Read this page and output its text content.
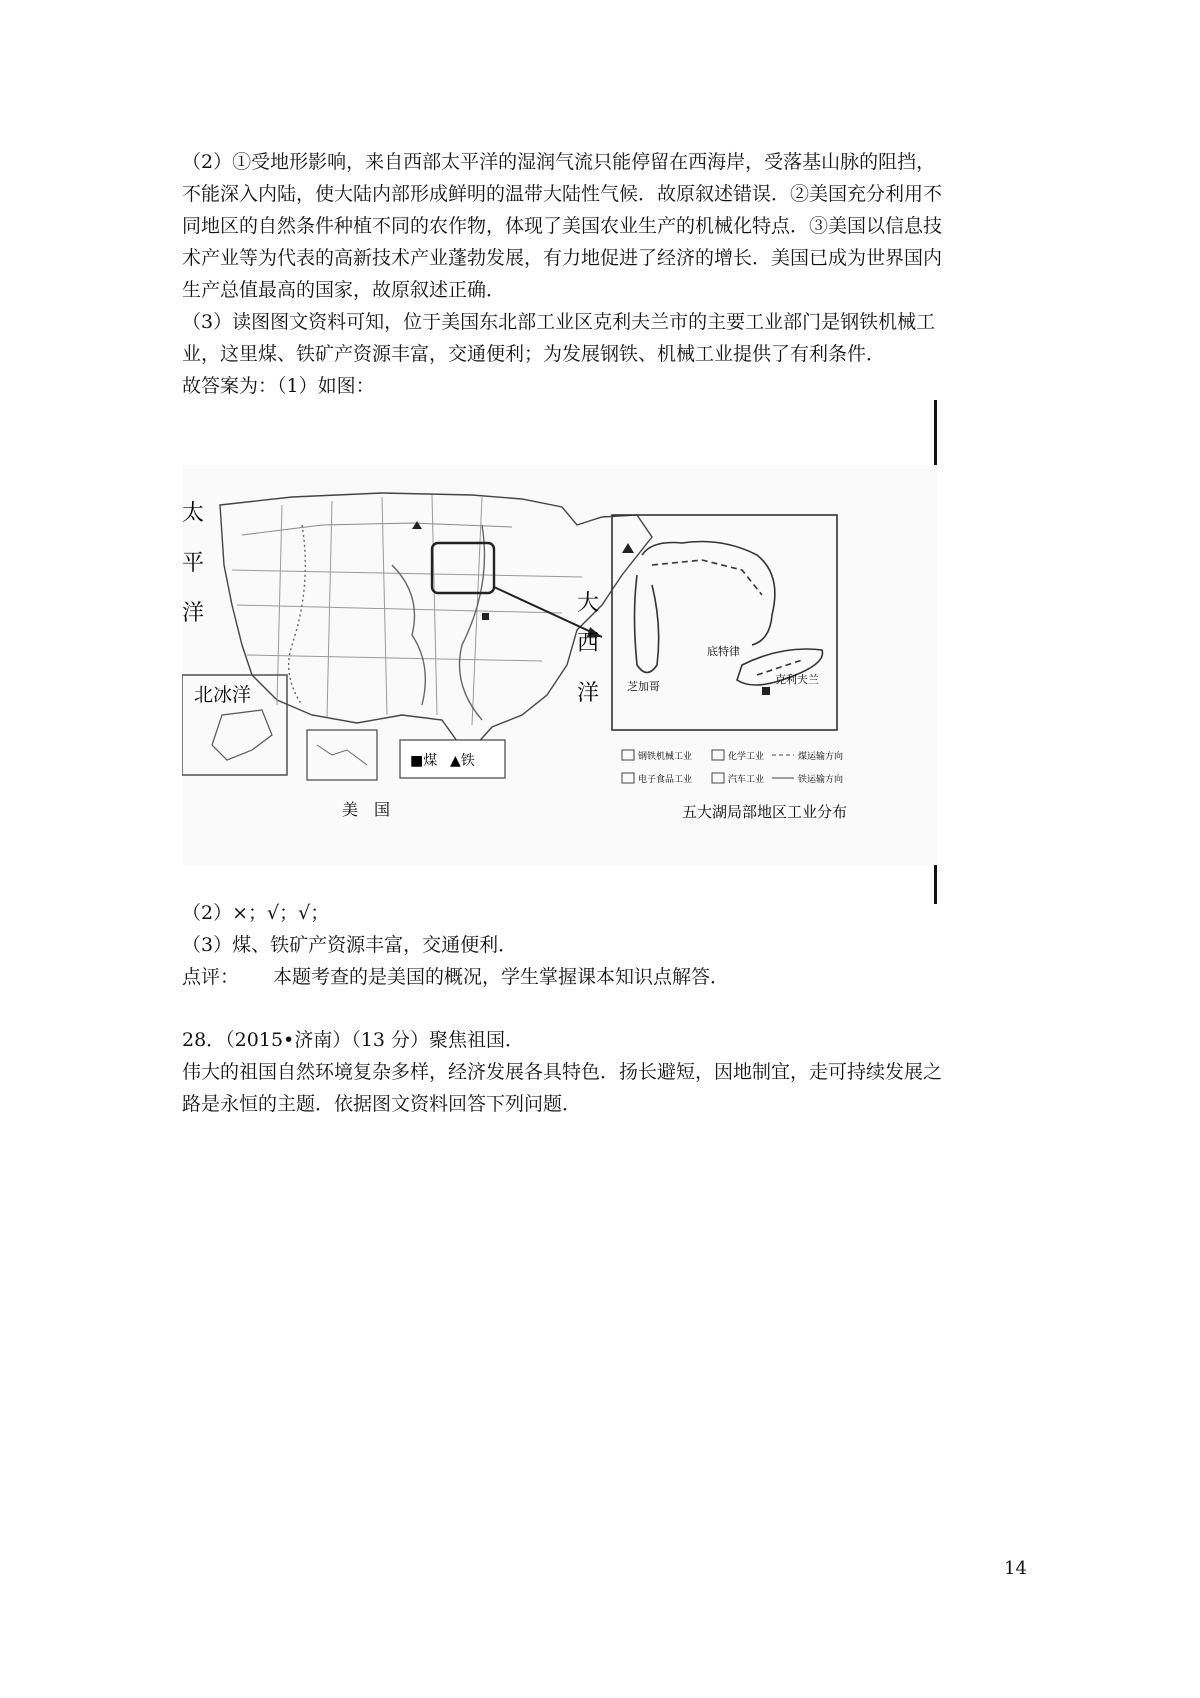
（2）①受地形影响，来自西部太平洋的湿润气流只能停留在西海岸，受落基山脉的阻挡，

不能深入内陆，使大陆内部形成鲜明的温带大陆性气候．故原叙述错误．②美国充分利用不

同地区的自然条件种植不同的农作物，体现了美国农业生产的机械化特点．③美国以信息技

术产业等为代表的高新技术产业蓬勃发展，有力地促进了经济的增长．美国已成为世界国内

生产总值最高的国家，故原叙述正确．

（3）读图图文资料可知，位于美国东北部工业区克利夫兰市的主要工业部门是钢铁机械工

业，这里煤、铁矿产资源丰富，交通便利；为发展钢铁、机械工业提供了有利条件．

故答案为：（1）如图：

太
平
洋	大
西
洋
北冰洋
■煤 ▲铁
美　国
底特律
芝加哥
克利夫兰
钢铁机械工业	化学工业	煤运输方向
电子食品工业	汽车工业	铁运输方向
五大湖局部地区工业分布

（2）×；√；√；

（3）煤、铁矿产资源丰富，交通便利．

点评： 本题考查的是美国的概况，学生掌握课本知识点解答．

28．（2015•济南）（13 分）聚焦祖国．

伟大的祖国自然环境复杂多样，经济发展各具特色．扬长避短，因地制宜，走可持续发展之

路是永恒的主题．依据图文资料回答下列问题．

14
